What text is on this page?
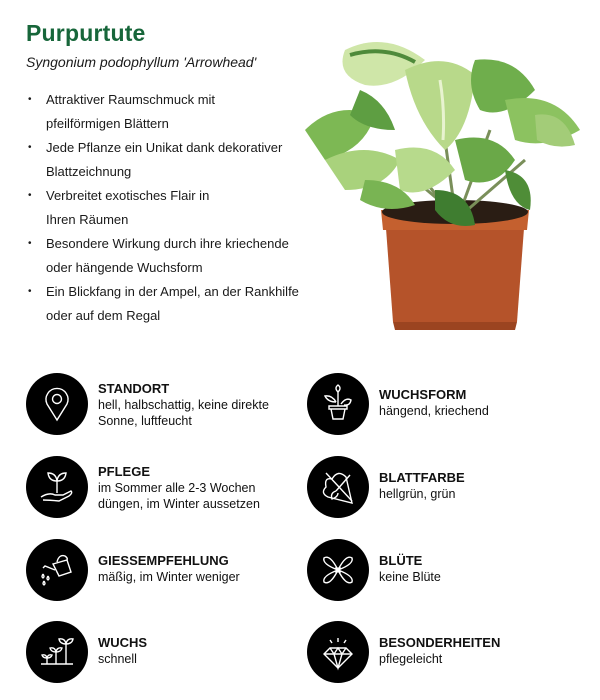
Purpurtute
Syngonium podophyllum 'Arrowhead'
• Attraktiver Raumschmuck mit
pfeilförmigen Blättern
• Jede Pflanze ein Unikat dank dekorativer
Blattzeichnung
• Verbreitet exotisches Flair in
Ihren Räumen
• Besondere Wirkung durch ihre kriechende
oder hängende Wuchsform
• Ein Blickfang in der Ampel, an der Rankhilfe
oder auf dem Regal
STANDORT
hell, halbschattig, keine direkte Sonne, luftfeucht
WUCHSFORM
hängend, kriechend
PFLEGE
im Sommer alle 2-3 Wochen düngen, im Winter aussetzen
BLATTFARBE
hellgrün, grün
GIESSEMPFEHLUNG
mäßig, im Winter weniger
BLÜTE
keine Blüte
WUCHS
schnell
BESONDERHEITEN
pflegeleicht
